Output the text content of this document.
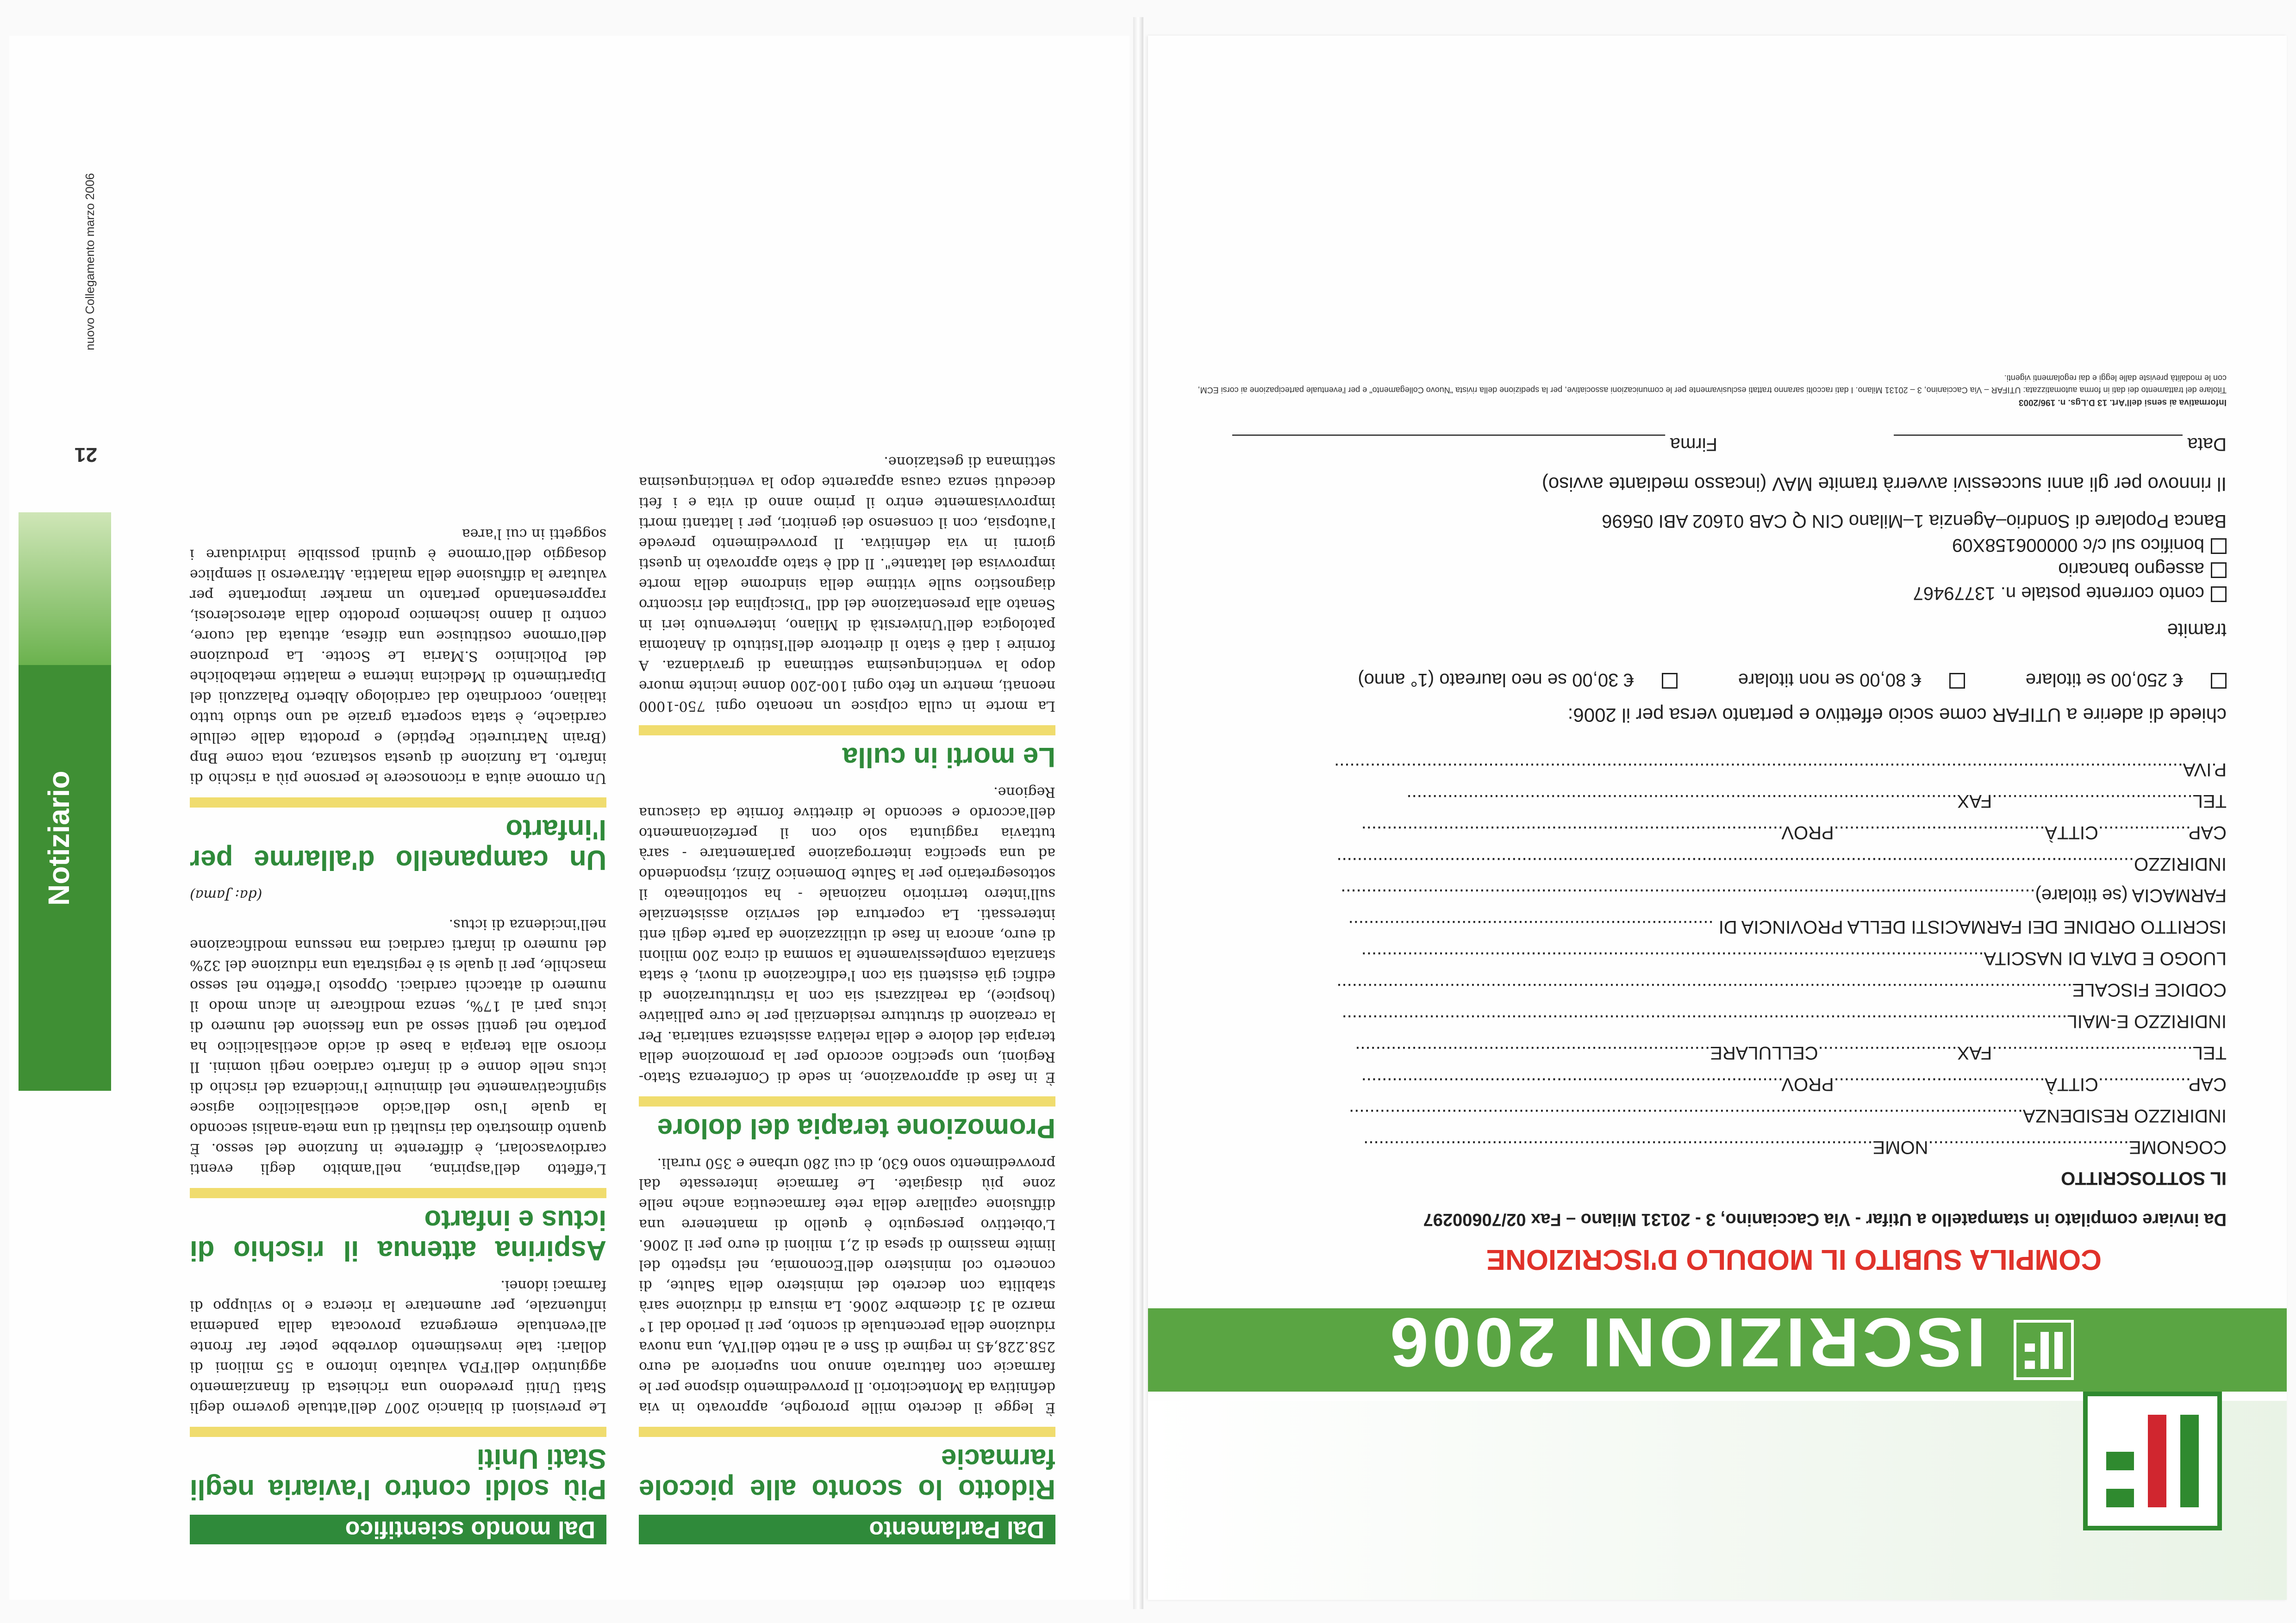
ISCRIZIONI 2006
COMPILA SUBITO IL MODULO D'ISCRIZIONE
Da inviare compilato in stampatello a Utifar - Via Caccianino, 3 - 20131 Milano – Fax 02/70600297
IL SOTTOSCRITTO
COGNOME.......................................NOME...................................................................................................
INDIRIZZO RESIDENZA...................................................................................................................................
CAP..................CITTÀ.........................................PROV..................................................................................
TEL.......................................FAX...........................CELLULARE.....................................................................
INDIRIZZO E-MAIL.............................................................................................................................................
CODICE FISCALE...............................................................................................................................................
LUOGO E DATA DI NASCITA.........................................................................................................................
ISCRITTO ORDINE DEI FARMACISTI DELLA PROVINCIA DI .......................................................................
FARMACIA (se titolare).......................................................................................................................................
INDIRIZZO...........................................................................................................................................................
CAP..................CITTÀ.........................................PROV..................................................................................
TEL.......................................FAX...........................................................................................................
P.IVA.....................................................................................................................................................................
chiede di aderire a UTIFAR come socio effettivo e pertanto versa per il 2006:
€ 250,00 se titolare € 80,00 se non titolare € 30,00 se neo laureato (1° anno)
tramite
conto corrente postale n. 13779467
assegno bancario
bonifico sul c/c 000006158X09
Banca Popolare di Sondrio–Agenzia 1–Milano CIN Q CAB 01602 ABI 05696
Il rinnovo per gli anni successivi avverrà tramite MAV (incasso mediante avviso)
Data ____________________________
Firma __________________________________________
Informativa ai sensi dell'Art. 13 D.Lgs. n. 196/2003
Titolare del trattamento dei dati in forma automatizzata: UTIFAR – Via Caccianino, 3 – 20131 Milano. I dati raccolti saranno trattati esclusivamente per le comunicazioni associative, per la spedizione della rivista "Nuovo Collegamento" e per l'eventuale partecipazione ai corsi ECM, con le modalità previste dalle leggi e dai regolamenti vigenti.
Dal Parlamento
Ridotto lo sconto alle piccole farmacie

È legge il decreto mille proroghe, approvato in via definitiva da Montecitorio. Il provvedimento dispone per le farmacie con fatturato annuo non superiore ad euro 258.228,45 in regime di Ssn e al netto dell'IVA, una nuova riduzione della percentuale di sconto, per il periodo dal 1° marzo al 31 dicembre 2006. La misura di riduzione sarà stabilita con decreto del ministero della Salute, di concerto col ministero dell'Economia, nel rispetto del limite massimo di spesa di 2,1 milioni di euro per il 2006. L'obiettivo perseguito è quello di mantenere una diffusione capillare della rete farmaceutica anche nelle zone più disagiate. Le farmacie interessate dal provvedimento sono 630, di cui 280 urbane e 350 rurali.

Promozione terapia del dolore

È in fase di approvazione, in sede di Conferenza Stato-Regioni, uno specifico accordo per la promozione della terapia del dolore e della relativa assistenza sanitaria. Per la creazione di strutture residenziali per le cure palliative (hospice), da realizzarsi sia con la ristrutturazione di edifici già esistenti sia con l'edificazione di nuovi, è stata stanziata complessivamente la somma di circa 200 milioni di euro, ancora in fase di utilizzazione da parte degli enti interessati. La copertura del servizio assistenziale sull'intero territorio nazionale - ha sottolineato il sottosegretario per la Salute Domenico Zinzi, rispondendo ad una specifica interrogazione parlamentare - sarà tuttavia raggiunta solo con il perfezionamento dell'accordo e secondo le direttive fornite da ciascuna Regione.

Le morti in culla

La morte in culla colpisce un neonato ogni 750-1000 neonati, mentre un feto ogni 100-200 donne incinte muore dopo la venticinquesima settimana di gravidanza. A fornire i dati è stato il direttore dell'Istituto di Anatomia patologica dell'Università di Milano, intervenuto ieri in Senato alla presentazione del ddl "Disciplina del riscontro diagnostico sulle vittime della sindrome della morte improvvisa del lattante". Il ddl è stato approvato in questi giorni in via definitiva. Il provvedimento prevede l'autopsia, con il consenso dei genitori, per i lattanti morti improvvisamente entro il primo anno di vita e i feti deceduti senza causa apparente dopo la venticinquesima settimana di gestazione.

Dal mondo scientifico
Più soldi contro l'aviaria negli Stati Uniti

Le previsioni di bilancio 2007 dell'attuale governo degli Stati Uniti prevedono una richiesta di finanziamento aggiuntivo dell'FDA valutato intorno a 55 milioni di dollari: tale investimento dovrebbe poter far fronte all'eventuale emergenza provocata dalla pandemia influenzale, per aumentare la ricerca e lo sviluppo di farmaci idonei.

Aspirina attenua il rischio di ictus e infarto

L'effetto dell'aspirina, nell'ambito degli eventi cardiovascolari, è differente in funzione del sesso. È quanto dimostrato dai risultati di una meta-analisi secondo la quale l'uso dell'acido acetilsalicilico agisce significativamente nel diminuire l'incidenza del rischio di ictus nelle donne e di infarto cardiaco negli uomini. Il ricorso alla terapia a base di acido acetilsalicilico ha portato nel gentil sesso ad una flessione del numero di ictus pari al 17%, senza modificare in alcun modo il numero di attacchi cardiaci. Opposto l'effetto nel sesso maschile, per il quale si è registrata una riduzione del 32% del numero di infarti cardiaci ma nessuna modificazione nell'incidenza di ictus.

(da: Jama)

Un campanello d'allarme per l'infarto

Un ormone aiuta a riconoscere le persone più a rischio di infarto. La funzione di questa sostanza, nota come Bnp (Brain Natriuretic Peptide) e prodotta dalle cellule cardiache, è stata scoperta grazie ad uno studio tutto italiano, coordinato dal cardiologo Alberto Palazzuoli del Dipartimento di Medicina interna e malattie metaboliche del Policlinico S.Maria Le Scotte. La produzione dell'ormone costituisce una difesa, attuata dal cuore, contro il danno ischemico prodotto dalla aterosclerosi, rappresentando pertanto un marker importante per valutare la diffusione della malattia. Attraverso il semplice dosaggio dell'ormone è quindi possibile individuare i soggetti in cui l'area

Notiziario
21
nuovo Collegamento marzo 2006
